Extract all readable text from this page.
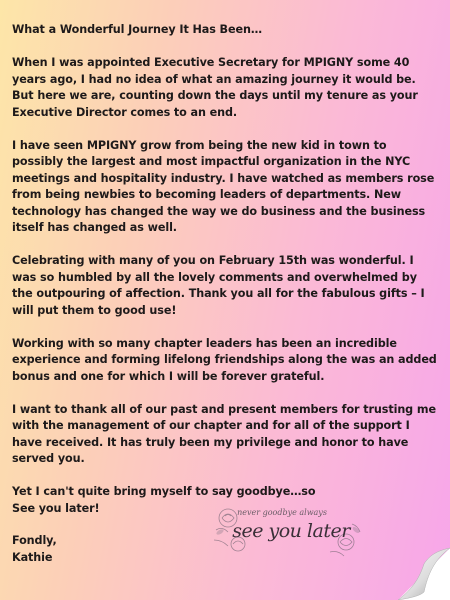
What a Wonderful Journey It Has Been…

When I was appointed Executive Secretary for MPIGNY some 40 years ago, I had no idea of what an amazing journey it would be. But here we are, counting down the days until my tenure as your Executive Director comes to an end.

I have seen MPIGNY grow from being the new kid in town to possibly the largest and most impactful organization in the NYC meetings and hospitality industry. I have watched as members rose from being newbies to becoming leaders of departments. New technology has changed the way we do business and the business itself has changed as well.

Celebrating with many of you on February 15th was wonderful. I was so humbled by all the lovely comments and overwhelmed by the outpouring of affection. Thank you all for the fabulous gifts – I will put them to good use!

Working with so many chapter leaders has been an incredible experience and forming lifelong friendships along the was an added bonus and one for which I will be forever grateful.

I want to thank all of our past and present members for trusting me with the management of our chapter and for all of the support I have received. It has truly been my privilege and honor to have served you.

Yet I can't quite bring myself to say goodbye…so

See you later!

Fondly,

Kathie

never goodbye always
see you later
